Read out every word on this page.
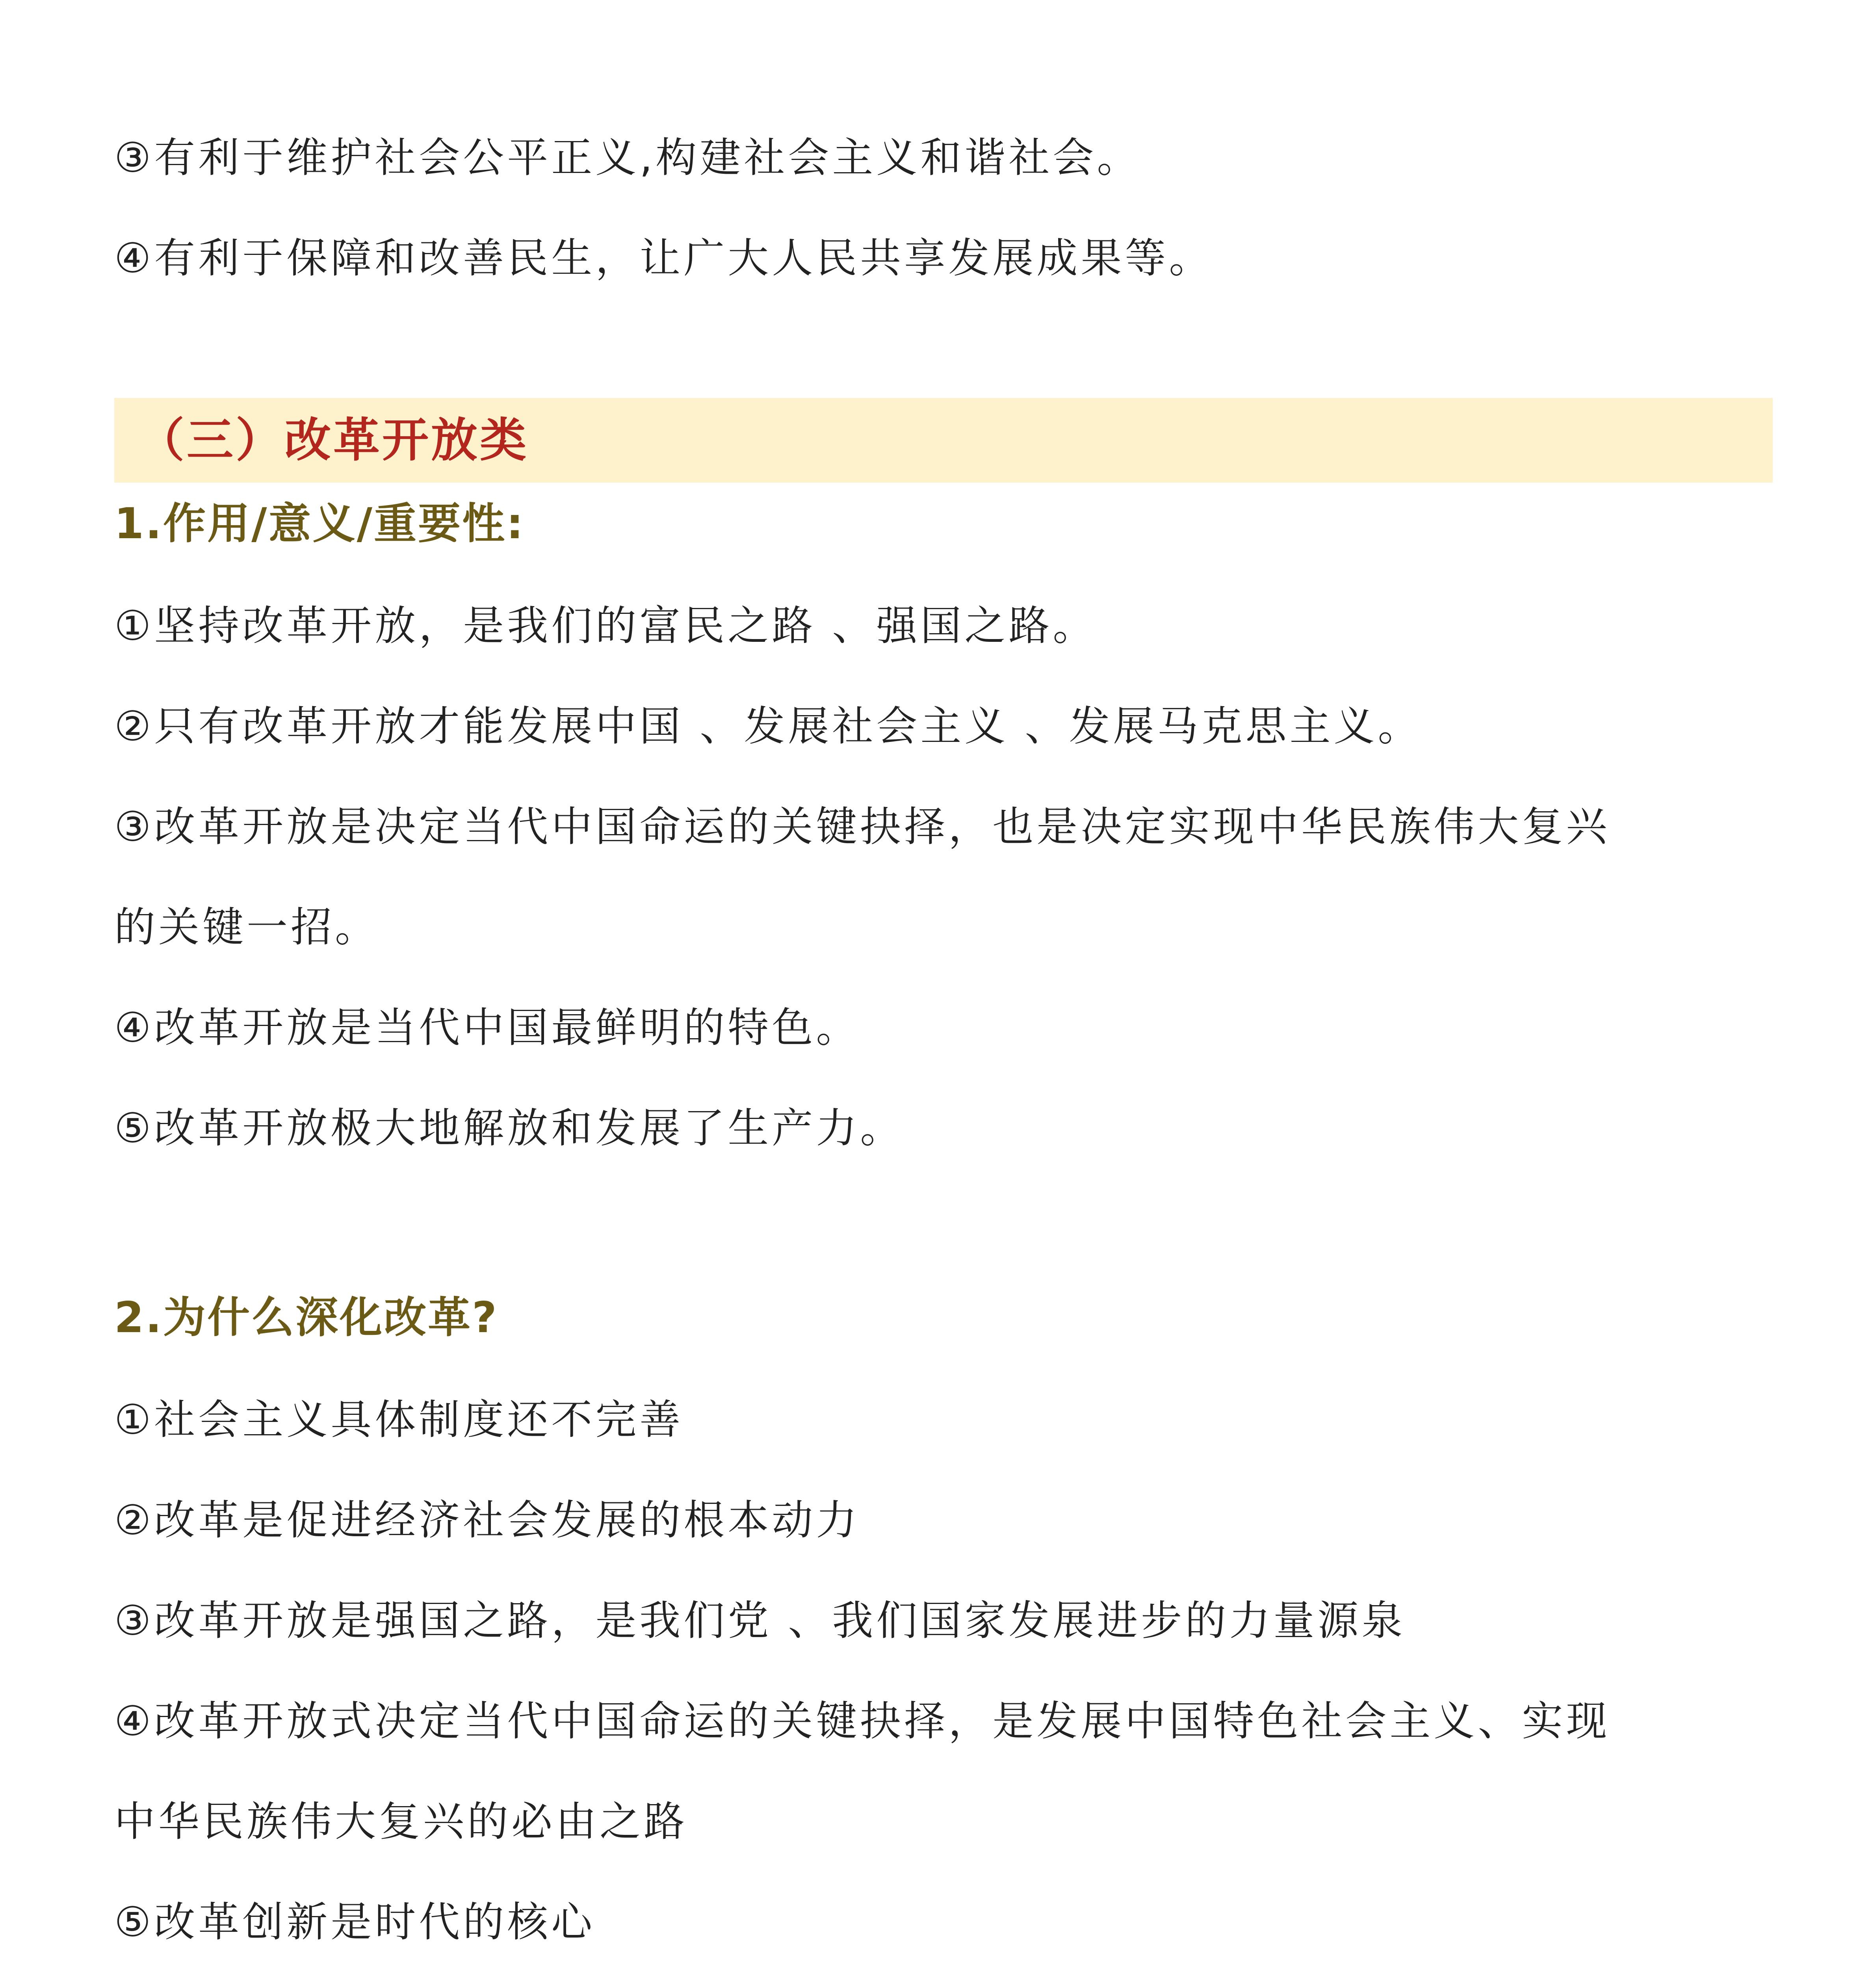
③有利于维护社会公平正义,构建社会主义和谐社会。
④有利于保障和改善民生，让广大人民共享发展成果等。
（三）改革开放类
1.作用/意义/重要性:
①坚持改革开放，是我们的富民之路 、强国之路。
②只有改革开放才能发展中国 、发展社会主义 、发展马克思主义。
③改革开放是决定当代中国命运的关键抉择，也是决定实现中华民族伟大复兴
的关键一招。
④改革开放是当代中国最鲜明的特色。
⑤改革开放极大地解放和发展了生产力。
2.为什么深化改革?
①社会主义具体制度还不完善
②改革是促进经济社会发展的根本动力
③改革开放是强国之路，是我们党 、我们国家发展进步的力量源泉
④改革开放式决定当代中国命运的关键抉择，是发展中国特色社会主义、实现
中华民族伟大复兴的必由之路
⑤改革创新是时代的核心
